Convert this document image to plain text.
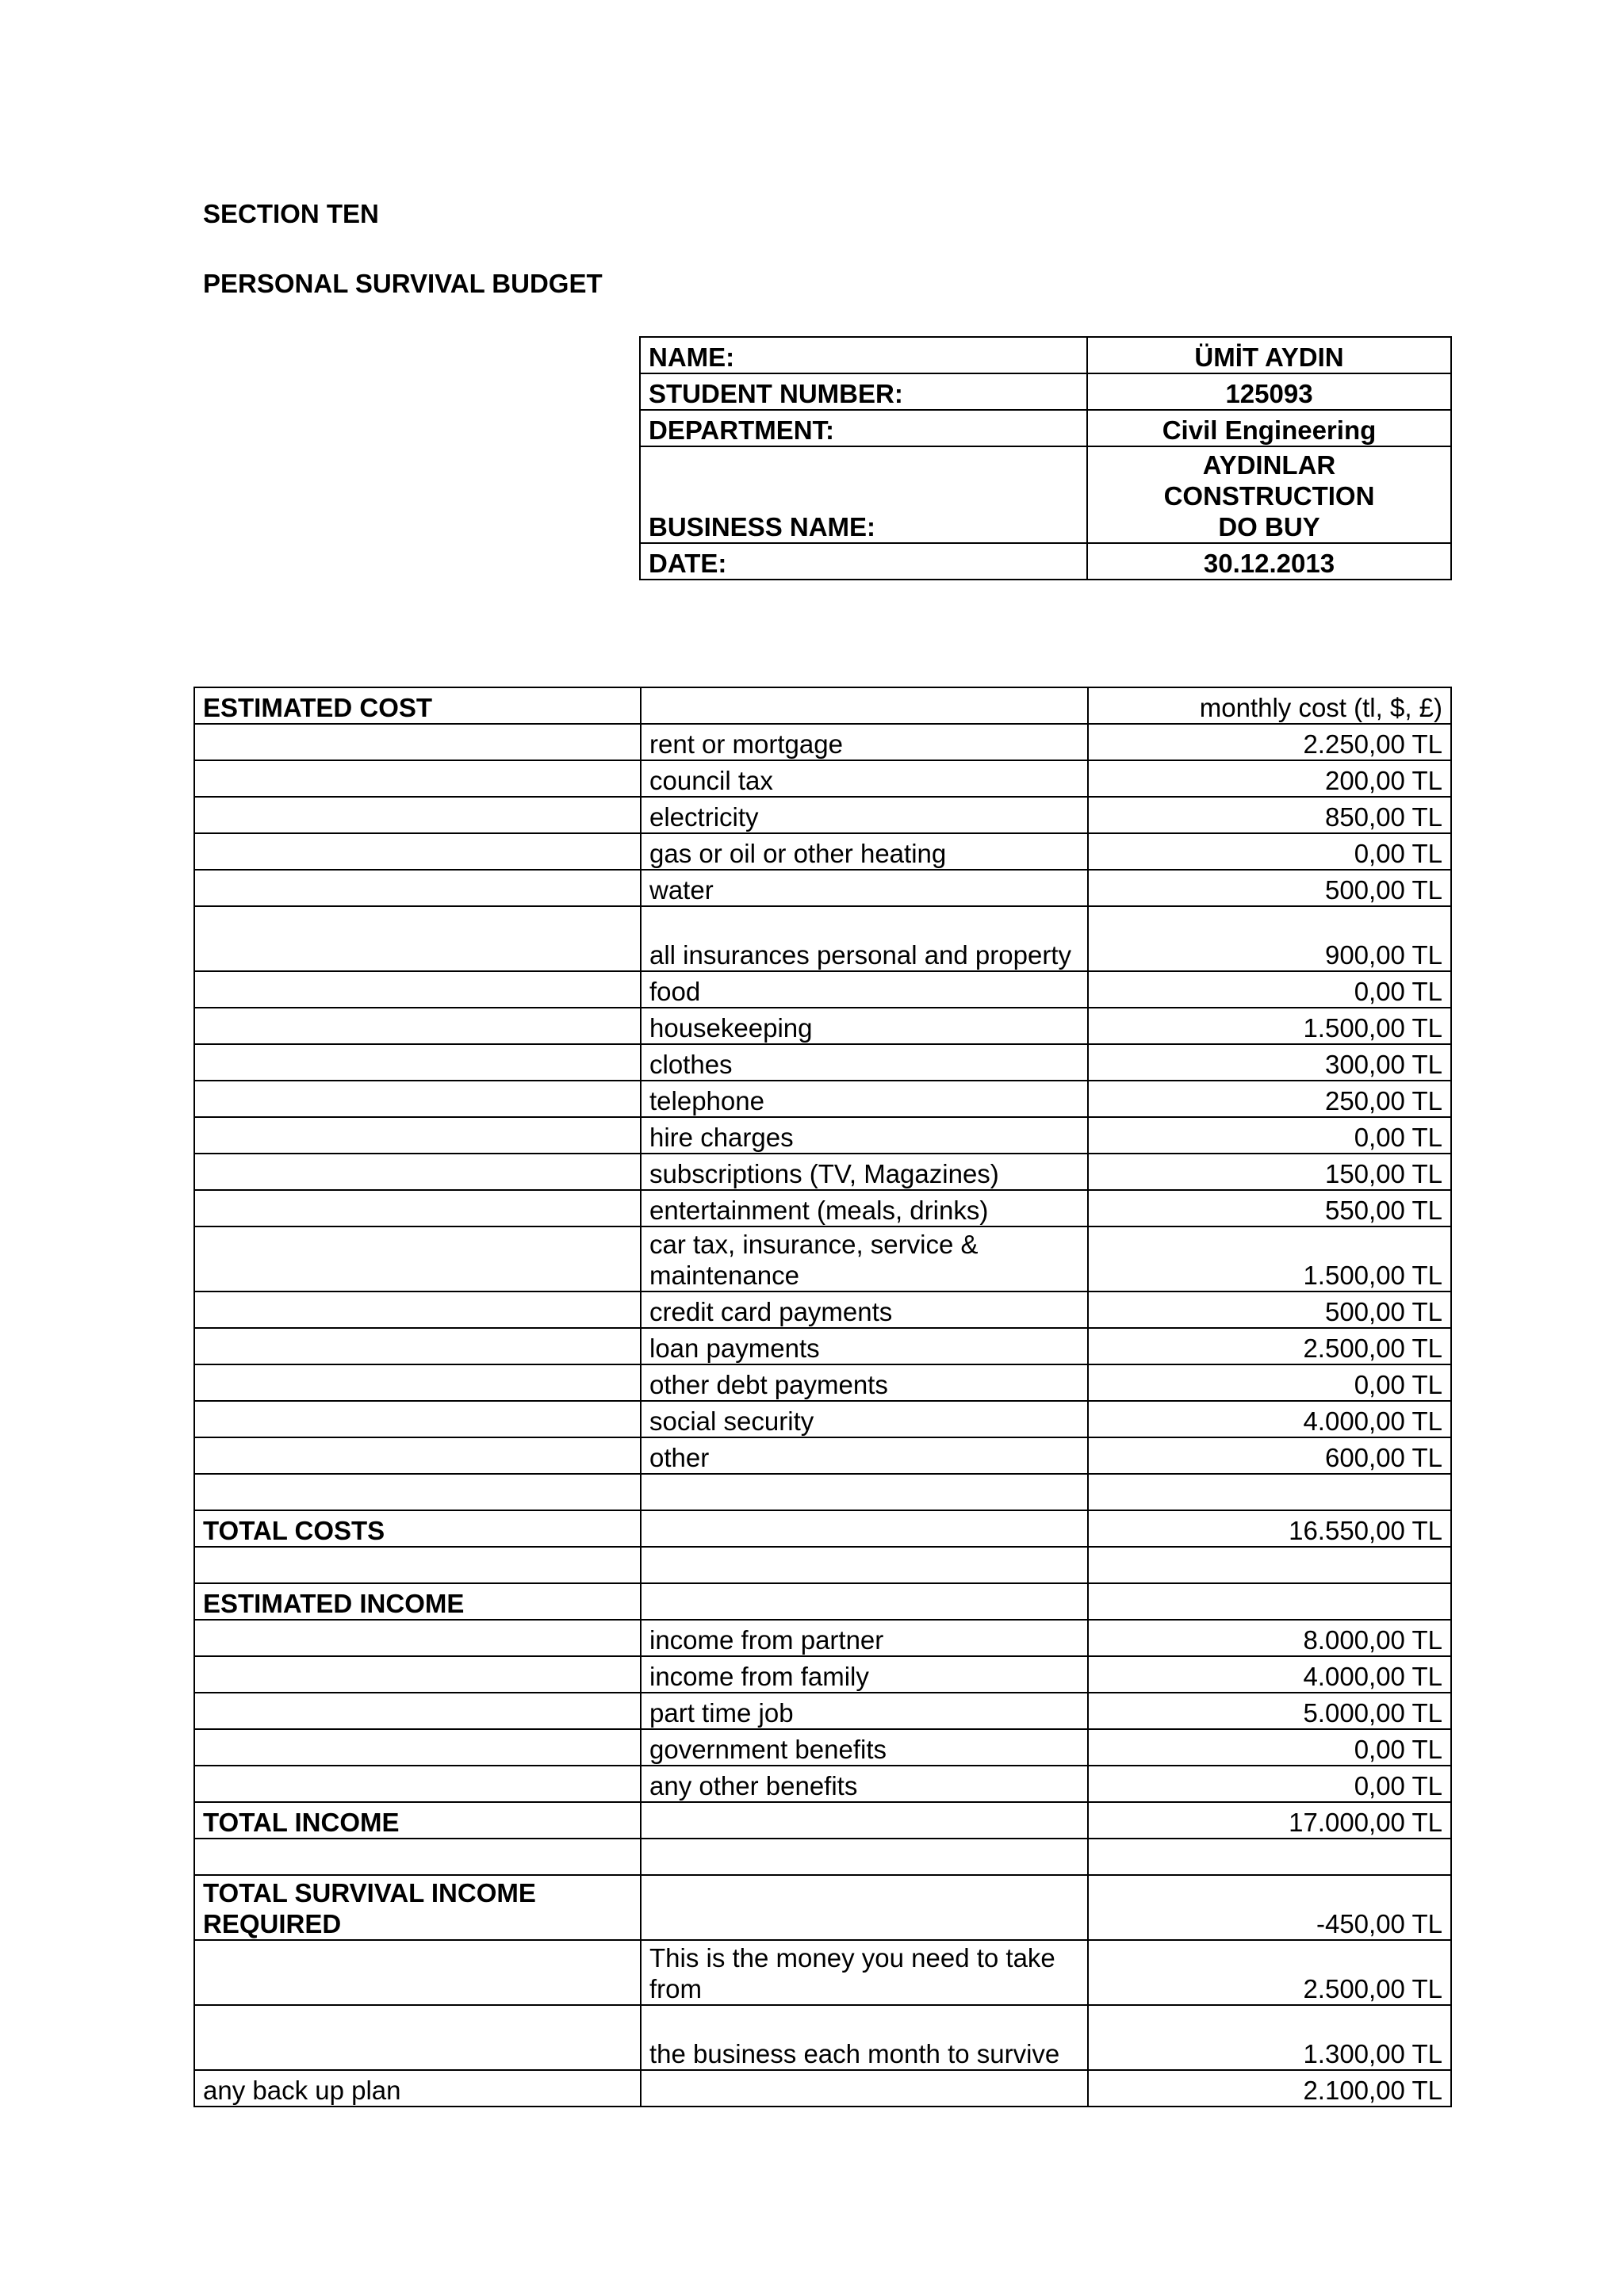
SECTION TEN
PERSONAL SURVIVAL BUDGET
NAME:	ÜMİT AYDIN
STUDENT NUMBER:	125093
DEPARTMENT:	Civil Engineering
BUSINESS NAME:	AYDINLAR
CONSTRUCTION
DO BUY

DATE:	30.12.2013
ESTIMATED COST		monthly cost (tl, $, £)
	rent or mortgage	2.250,00 TL
	council tax	200,00 TL
	electricity	850,00 TL
	gas or oil or other heating	0,00 TL
	water	500,00 TL
	all insurances personal and property	900,00 TL
	food	0,00 TL
	housekeeping	1.500,00 TL
	clothes	300,00 TL
	telephone	250,00 TL
	hire charges	0,00 TL
	subscriptions (TV, Magazines)	150,00 TL
	entertainment (meals, drinks)	550,00 TL
	car tax, insurance, service & maintenance	1.500,00 TL
	credit card payments	500,00 TL
	loan payments	2.500,00 TL
	other debt payments	0,00 TL
	social security	4.000,00 TL
	other	600,00 TL

TOTAL COSTS		16.550,00 TL

ESTIMATED INCOME		
	income from partner	8.000,00 TL
	income from family	4.000,00 TL
	part time job	5.000,00 TL
	government benefits	0,00 TL
	any other benefits	0,00 TL
TOTAL INCOME		17.000,00 TL

TOTAL SURVIVAL INCOME REQUIRED		-450,00 TL
	This is the money you need to take from	2.500,00 TL
	the business each month to survive	1.300,00 TL
any back up plan		2.100,00 TL
